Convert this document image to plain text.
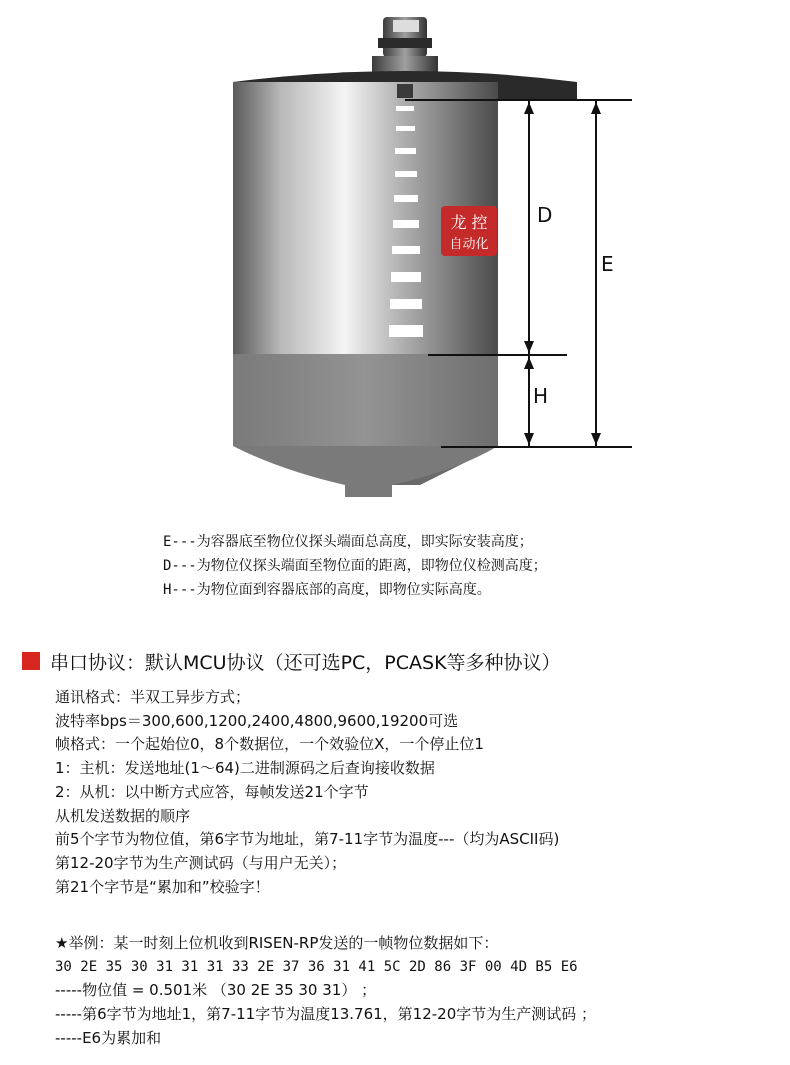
龙 控
自动化
D
E
H
E---为容器底至物位仪探头端面总高度，即实际安装高度；
D---为物位仪探头端面至物位面的距离，即物位仪检测高度；
H---为物位面到容器底部的高度，即物位实际高度。
串口协议：默认MCU协议（还可选PC，PCASK等多种协议）
通讯格式：半双工异步方式；
波特率bps＝300,600,1200,2400,4800,9600,19200可选
帧格式：一个起始位0，8个数据位，一个效验位X，一个停止位1
1：主机：发送地址(1～64)二进制源码之后查询接收数据
2：从机：以中断方式应答，每帧发送21个字节
从机发送数据的顺序
前5个字节为物位值，第6字节为地址，第7-11字节为温度---（均为ASCII码)
第12-20字节为生产测试码（与用户无关）；
第21个字节是“累加和”校验字！
★举例：某一时刻上位机收到RISEN-RP发送的一帧物位数据如下：
30 2E 35 30 31 31 31 33 2E 37 36 31 41 5C 2D 86 3F 00 4D B5 E6
-----物位值 = 0.501米 （30 2E 35 30 31） ；
-----第6字节为地址1，第7-11字节为温度13.761，第12-20字节为生产测试码 ；
-----E6为累加和
